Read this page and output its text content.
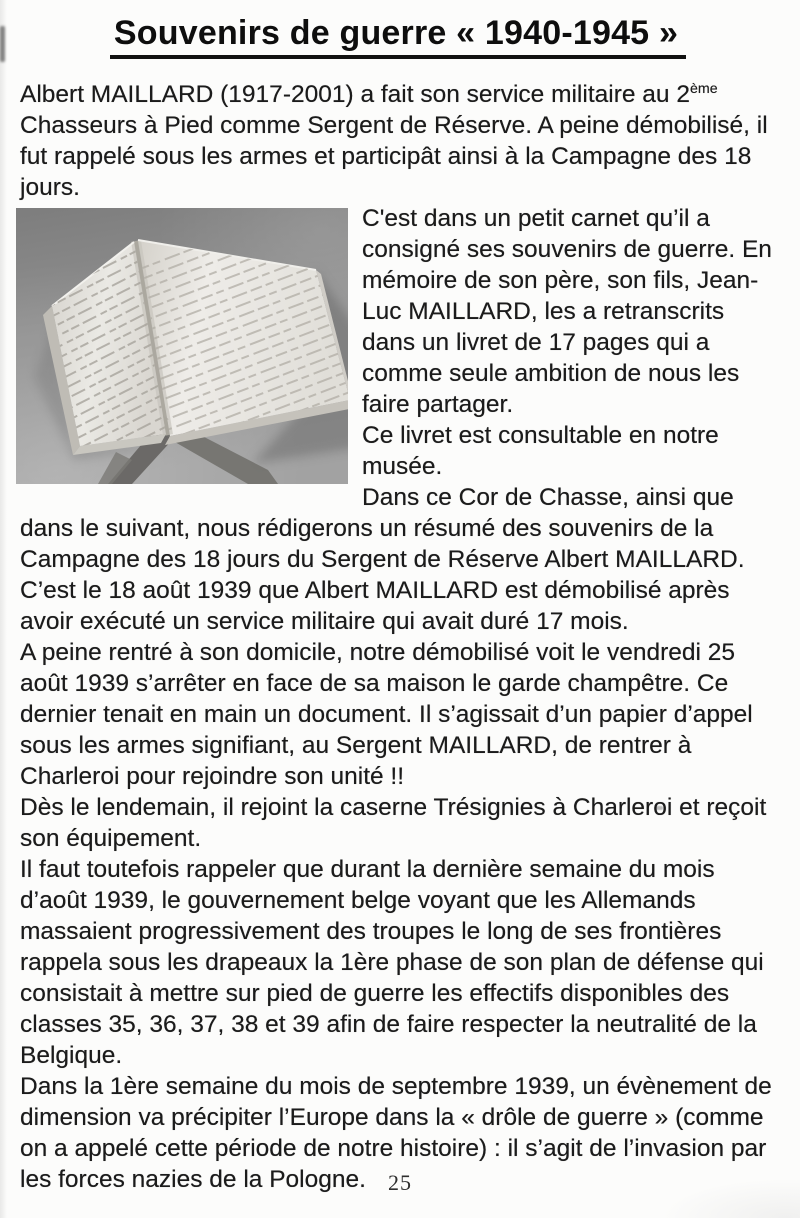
Souvenirs de guerre « 1940-1945 »

Albert MAILLARD (1917-2001) a fait son service militaire au 2ème Chasseurs à Pied comme Sergent de Réserve. A peine démobilisé, il fut rappelé sous les armes et participât ainsi à la Campagne des 18 jours.

C'est dans un petit carnet qu’il a consigné ses souvenirs de guerre. En mémoire de son père, son fils, Jean-Luc MAILLARD, les a retranscrits dans un livret de 17 pages qui a comme seule ambition de nous les faire partager.

Ce livret est consultable en notre musée.

Dans ce Cor de Chasse, ainsi que dans le suivant, nous rédigerons un résumé des souvenirs de la Campagne des 18 jours du Sergent de Réserve Albert MAILLARD.

C’est le 18 août 1939 que Albert MAILLARD est démobilisé après avoir exécuté un service militaire qui avait duré 17 mois.

A peine rentré à son domicile, notre démobilisé voit le vendredi 25 août 1939 s’arrêter en face de sa maison le garde champêtre. Ce dernier tenait en main un document. Il s’agissait d’un papier d’appel sous les armes signifiant, au Sergent MAILLARD, de rentrer à Charleroi pour rejoindre son unité !!

Dès le lendemain, il rejoint la caserne Trésignies à Charleroi et reçoit son équipement.

Il faut toutefois rappeler que durant la dernière semaine du mois d’août 1939, le gouvernement belge voyant que les Allemands massaient progressivement des troupes le long de ses frontières rappela sous les drapeaux la 1ère phase de son plan de défense qui consistait à mettre sur pied de guerre les effectifs disponibles des classes 35, 36, 37, 38 et 39 afin de faire respecter la neutralité de la Belgique.

Dans la 1ère semaine du mois de septembre 1939, un évènement de dimension va précipiter l’Europe dans la « drôle de guerre » (comme on a appelé cette période de notre histoire) : il s’agit de l’invasion par les forces nazies de la Pologne.	25
